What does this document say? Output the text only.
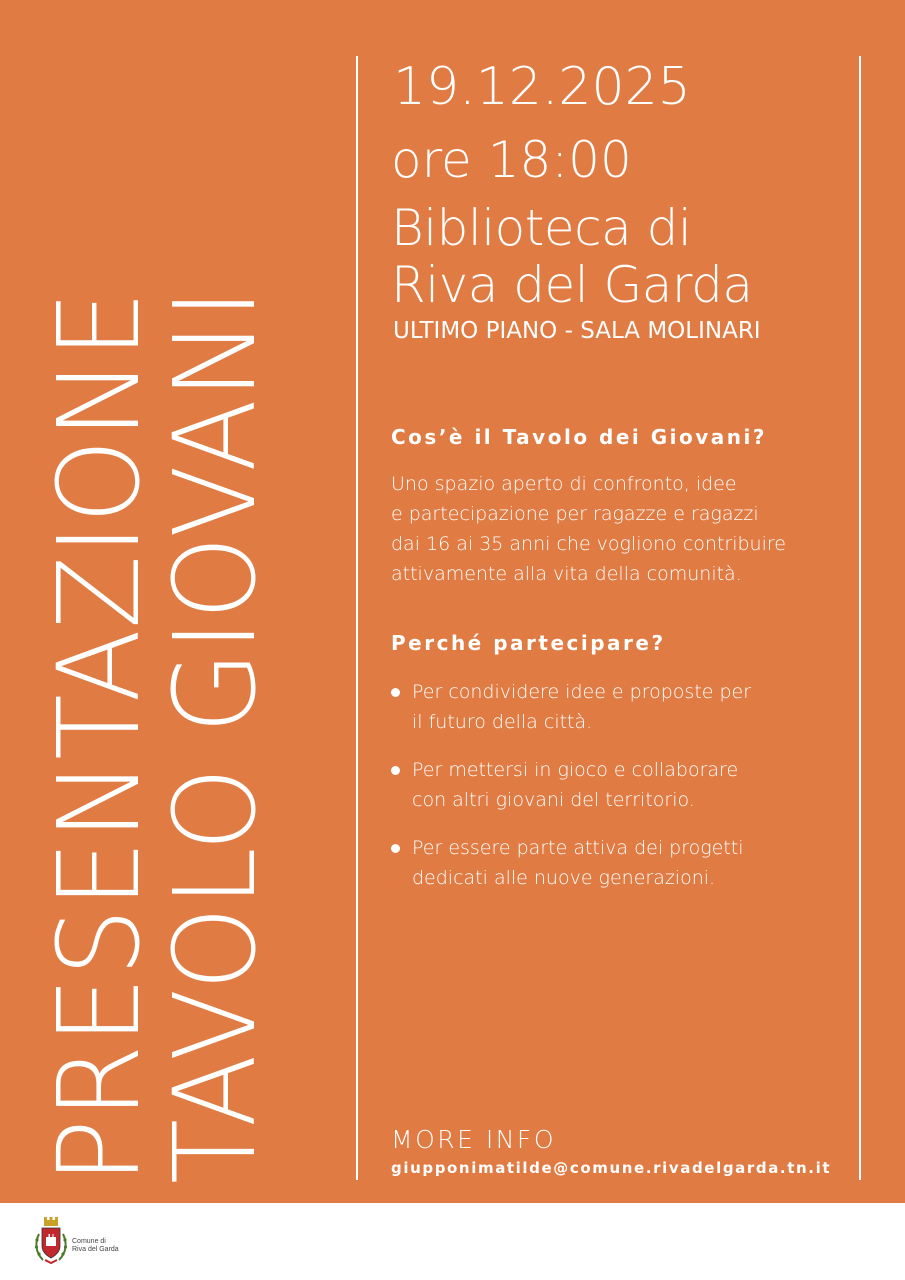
PRESENTAZIONE
TAVOLO GIOVANI
19.12.2025
ore 18:00
Biblioteca di
Riva del Garda
ULTIMO PIANO - SALA MOLINARI
Cos’è il Tavolo dei Giovani?
Uno spazio aperto di confronto, idee
e partecipazione per ragazze e ragazzi
dai 16 ai 35 anni che vogliono contribuire
attivamente alla vita della comunità.
Perché partecipare?
Per condividere idee e proposte per
il futuro della città.
Per mettersi in gioco e collaborare
con altri giovani del territorio.
Per essere parte attiva dei progetti
dedicati alle nuove generazioni.
MORE INFO
giupponimatilde@comune.rivadelgarda.tn.it
Comune di
Riva del Garda
